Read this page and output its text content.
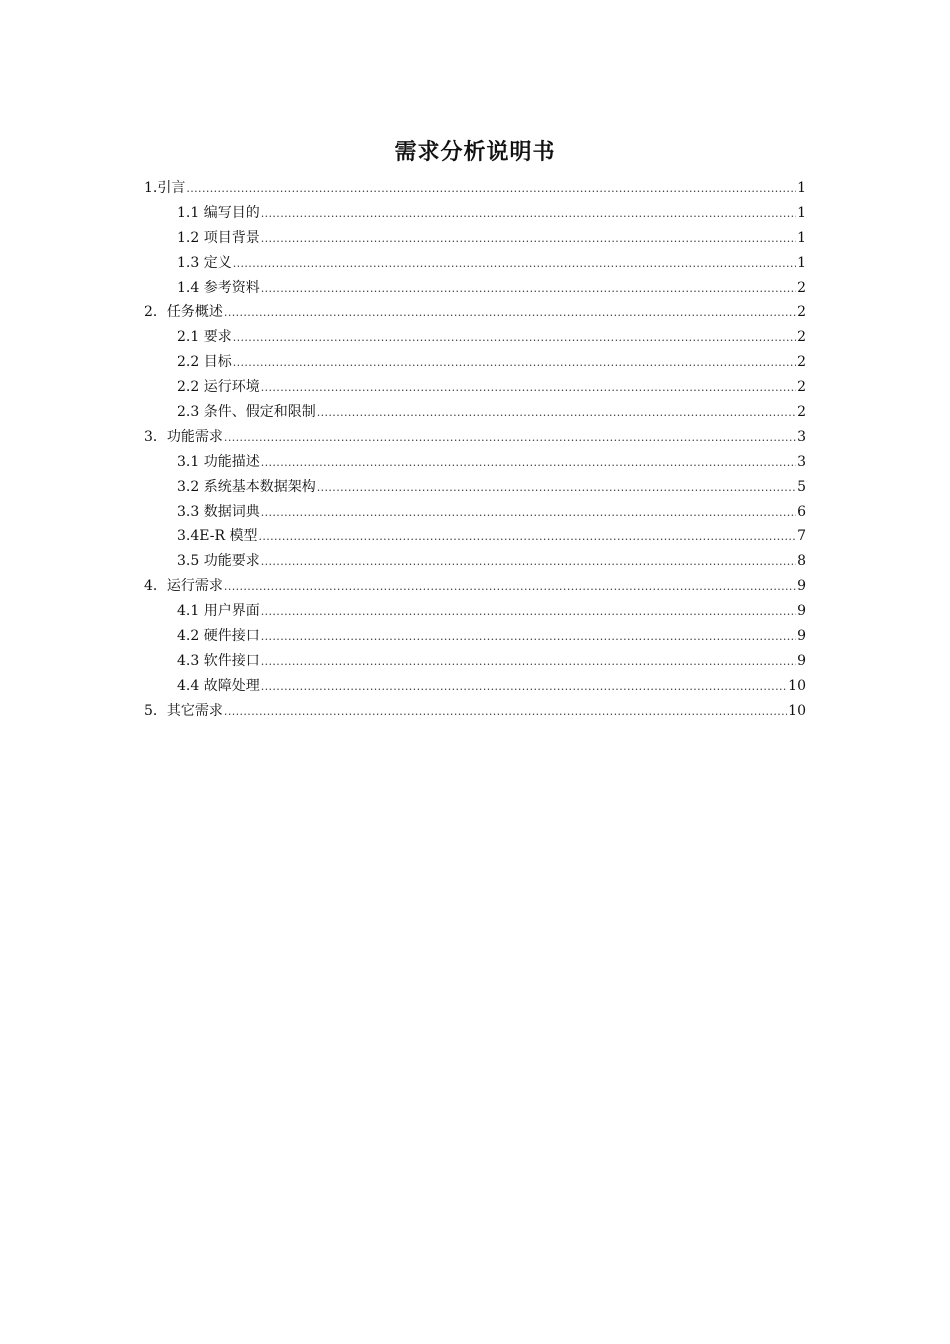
需求分析说明书
1.引言 .....	1
1.1 编写目的 .....	1
1.2 项目背景 .....	1
1.3 定义 .....	1
1.4 参考资料 .....	2
2．任务概述 .....	2
2.1 要求 .....	2
2.2 目标 .....	2
2.2 运行环境 .....	2
2.3 条件、假定和限制 .....	2
3．功能需求 .....	3
3.1 功能描述 .....	3
3.2 系统基本数据架构 .....	5
3.3 数据词典 .....	6
3.4E-R 模型 .....	7
3.5 功能要求 .....	8
4．运行需求 .....	9
4.1 用户界面 .....	9
4.2 硬件接口 .....	9
4.3 软件接口 .....	9
4.4 故障处理 .....	10
5．其它需求 .....	10
